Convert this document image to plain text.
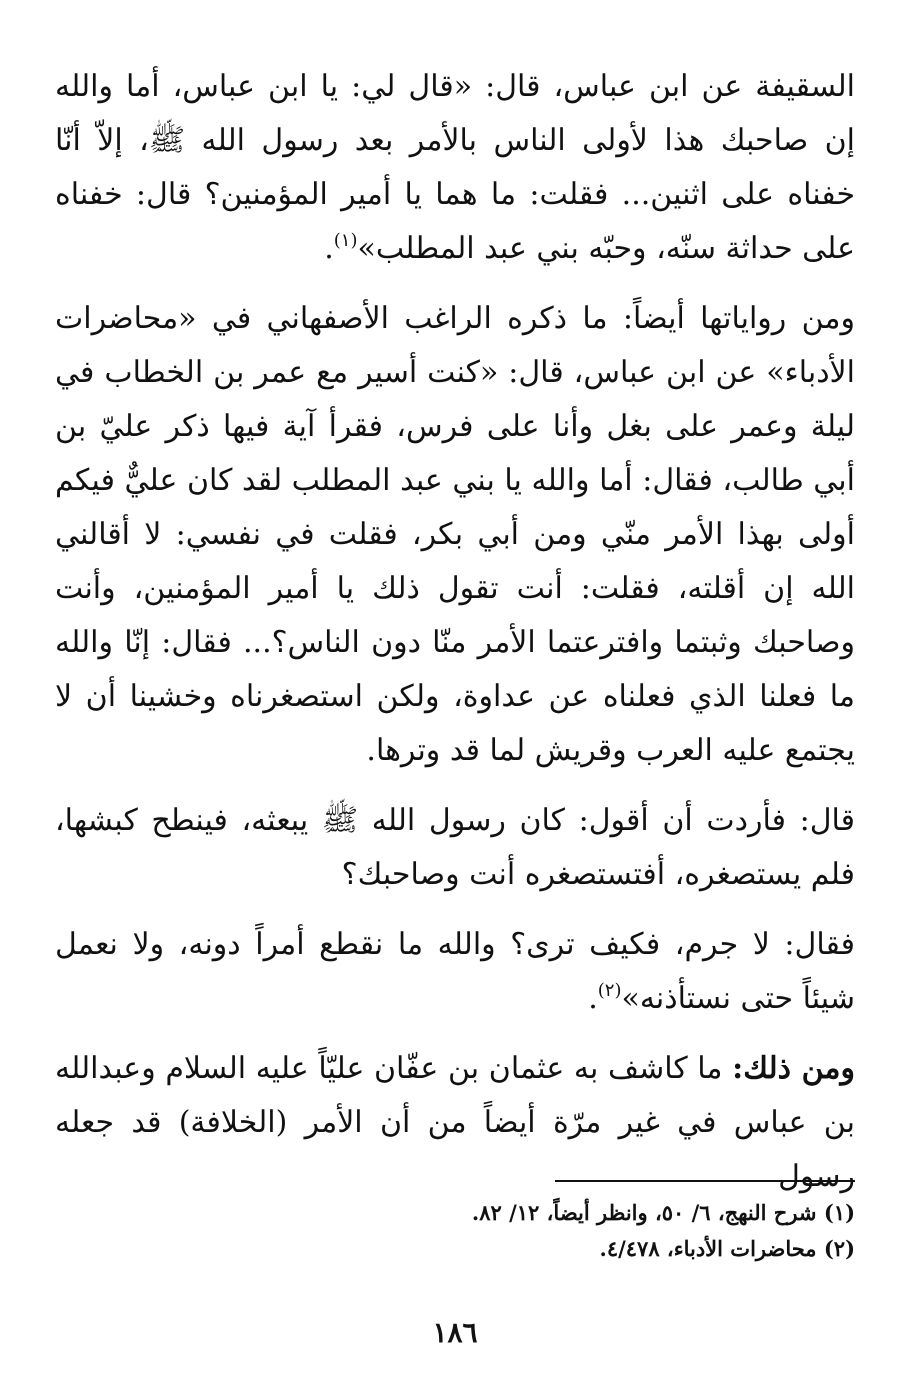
السقيفة عن ابن عباس، قال: «قال لي: يا ابن عباس، أما والله إن صاحبك هذا لأولى الناس بالأمر بعد رسول الله ﷺ، إلاّ أنّا خفناه على اثنين... فقلت: ما هما يا أمير المؤمنين؟ قال: خفناه على حداثة سنّه، وحبّه بني عبد المطلب»$^{(١)}$.

ومن رواياتها أيضاً: ما ذكره الراغب الأصفهاني في «محاضرات الأدباء» عن ابن عباس، قال: «كنت أسير مع عمر بن الخطاب في ليلة وعمر على بغل وأنا على فرس، فقرأ آية فيها ذكر عليّ بن أبي طالب، فقال: أما والله يا بني عبد المطلب لقد كان عليٌّ فيكم أولى بهذا الأمر منّي ومن أبي بكر، فقلت في نفسي: لا أقالني الله إن أقلته، فقلت: أنت تقول ذلك يا أمير المؤمنين، وأنت وصاحبك وثبتما وافترعتما الأمر منّا دون الناس؟... فقال: إنّا والله ما فعلنا الذي فعلناه عن عداوة، ولكن استصغرناه وخشينا أن لا يجتمع عليه العرب وقريش لما قد وترها.

قال: فأردت أن أقول: كان رسول الله ﷺ يبعثه، فينطح كبشها، فلم يستصغره، أفتستصغره أنت وصاحبك؟

فقال: لا جرم، فكيف ترى؟ والله ما نقطع أمراً دونه، ولا نعمل شيئاً حتى نستأذنه»$^{(٢)}$.

ومن ذلك: ما كاشف به عثمان بن عفّان عليّاً عليه السلام وعبدالله بن عباس في غير مرّة أيضاً من أن الأمر (الخلافة) قد جعله رسول

(١) شرح النهج، ٦/ ٥٠، وانظر أيضاً، ١٢/ ٨٢.
(٢) محاضرات الأدباء، ٤/٤٧٨.
١٨٦
